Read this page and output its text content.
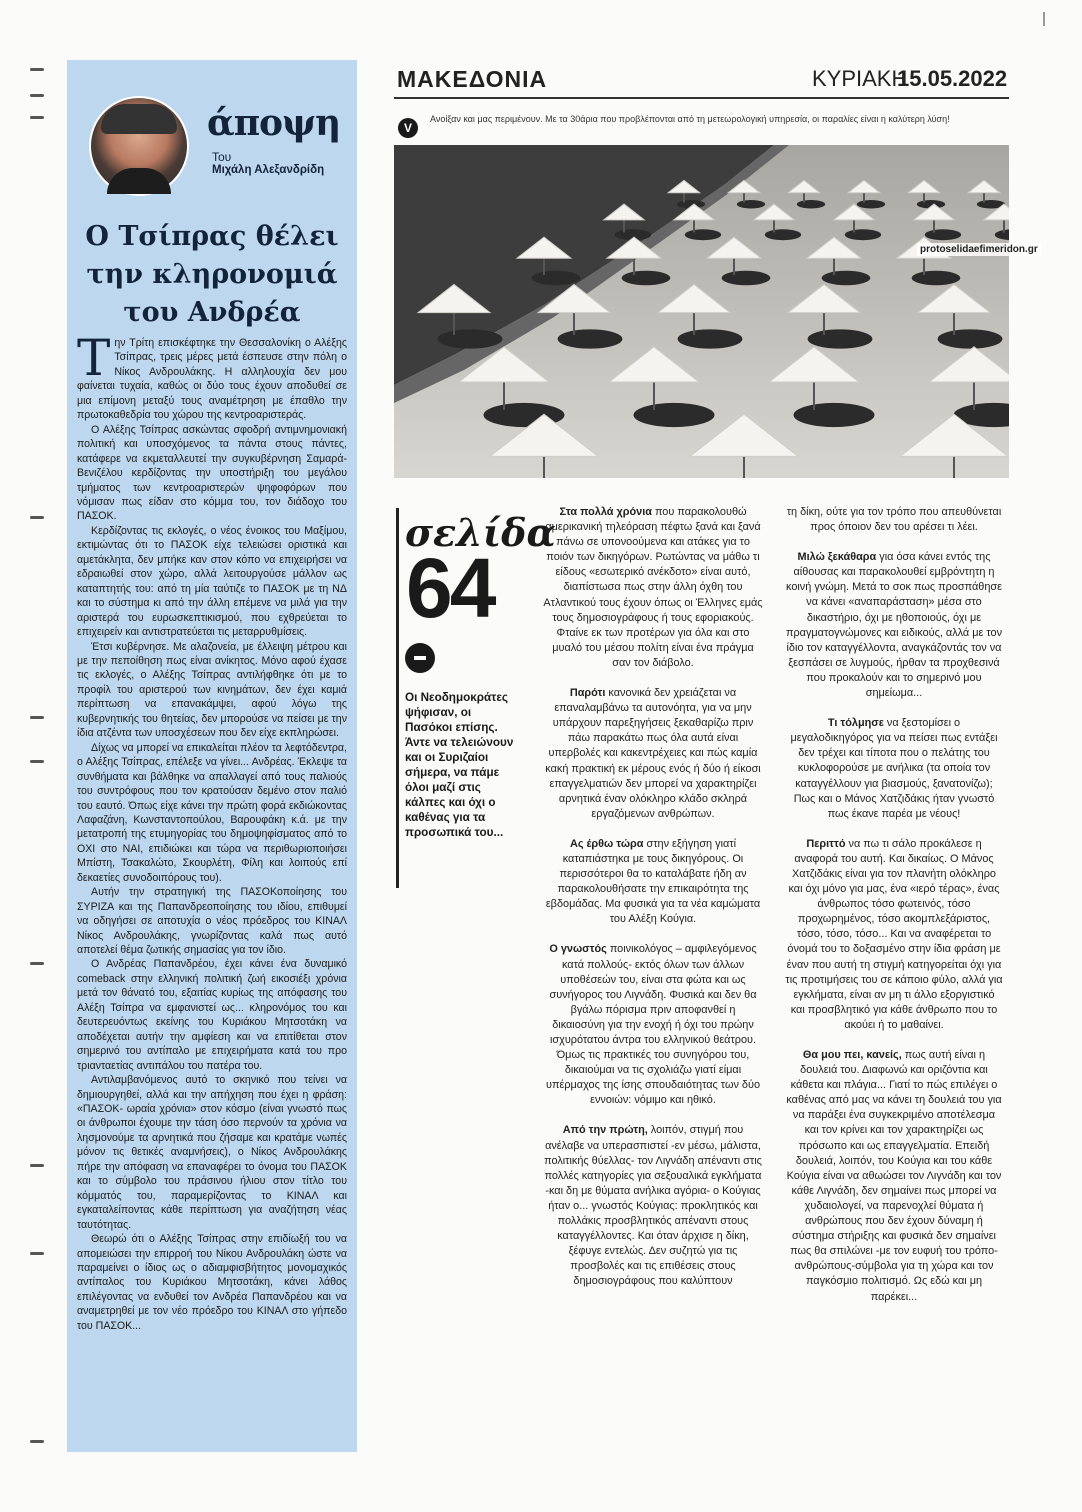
άποψη
Του
Μιχάλη Αλεξανδρίδη
Ο Τσίπρας θέλει την κληρονομιά του Ανδρέα

Την Τρίτη επισκέφτηκε την Θεσσαλονίκη ο Αλέξης Τσίπρας, τρεις μέρες μετά έσπευσε στην πόλη ο Νίκος Ανδρουλάκης. Η αλληλουχία δεν μου φαίνεται τυχαία, καθώς οι δύο τους έχουν αποδυθεί σε μια επίμονη μεταξύ τους αναμέτρηση με έπαθλο την πρωτοκαθεδρία του χώρου της κεντροαριστεράς.

Ο Αλέξης Τσίπρας ασκώντας σφοδρή αντιμνημονιακή πολιτική και υποσχόμενος τα πάντα στους πάντες, κατάφερε να εκμεταλλευτεί την συγκυβέρνηση Σαμαρά- Βενιζέλου κερδίζοντας την υποστήριξη του μεγάλου τμήματος των κεντροαριστερών ψηφοφόρων που νόμισαν πως είδαν στο κόμμα του, τον διάδοχο του ΠΑΣΟΚ.

Κερδίζοντας τις εκλογές, ο νέος ένοικος του Μαξίμου, εκτιμώντας ότι το ΠΑΣΟΚ είχε τελειώσει οριστικά και αμετάκλητα, δεν μπήκε καν στον κόπο να επιχειρήσει να εδραιωθεί στον χώρο, αλλά λειτουργούσε μάλλον ως καταπτητής του: από τη μία ταύτιζε το ΠΑΣΟΚ με τη ΝΔ και το σύστημα κι από την άλλη επέμενε να μιλά για την αριστερά του ευρωσκεπτικισμού, που εχθρεύεται το επιχειρείν και αντιστρατεύεται τις μεταρρυθμίσεις.

Έτσι κυβέρνησε. Με αλαζονεία, με έλλειψη μέτρου και με την πεποίθηση πως είναι ανίκητος. Μόνο αφού έχασε τις εκλογές, ο Αλέξης Τσίπρας αντιλήφθηκε ότι με το προφίλ του αριστερού των κινημάτων, δεν έχει καμιά περίπτωση να επανακάμψει, αφού λόγω της κυβερνητικής του θητείας, δεν μπορούσε να πείσει με την ίδια ατζέντα των υποσχέσεων που δεν είχε εκπληρώσει.

Δίχως να μπορεί να επικαλείται πλέον τα λεφτόδεντρα, ο Αλέξης Τσίπρας, επέλεξε να γίνει... Ανδρέας. Έκλεψε τα συνθήματα και βάλθηκε να απαλλαγεί από τους παλιούς του συντρόφους που τον κρατούσαν δεμένο στον παλιό του εαυτό. Όπως είχε κάνει την πρώτη φορά εκδιώκοντας Λαφαζάνη, Κωνσταντοπούλου, Βαρουφάκη κ.ά. με την μετατροπή της ετυμηγορίας του δημοψηφίσματος από το ΟΧΙ στο ΝΑΙ, επιδιώκει και τώρα να περιθωριοποιήσει Μπίστη, Τσακαλώτο, Σκουρλέτη, Φίλη και λοιπούς επί δεκαετίες συνοδοιπόρους του).

Αυτήν την στρατηγική της ΠΑΣΟΚοποίησης του ΣΥΡΙΖΑ και της Παπανδρεοποίησης του ιδίου, επιθυμεί να οδηγήσει σε αποτυχία ο νέος πρόεδρος του ΚΙΝΑΛ Νίκος Ανδρουλάκης, γνωρίζοντας καλά πως αυτό αποτελεί θέμα ζωτικής σημασίας για τον ίδιο.

Ο Ανδρέας Παπανδρέου, έχει κάνει ένα δυναμικό comeback στην ελληνική πολιτική ζωή εικοσιέξι χρόνια μετά τον θάνατό του, εξαιτίας κυρίως της απόφασης του Αλέξη Τσίπρα να εμφανιστεί ως... κληρονόμος του και δευτερευόντως εκείνης του Κυριάκου Μητσοτάκη να αποδέχεται αυτήν την αμφίεση και να επιτίθεται στον σημερινό του αντίπαλο με επιχειρήματα κατά του προ τριανταετίας αντιπάλου του πατέρα του.

Αντιλαμβανόμενος αυτό το σκηνικό που τείνει να δημιουργηθεί, αλλά και την απήχηση που έχει η φράση: «ΠΑΣΟΚ- ωραία χρόνια» στον κόσμο (είναι γνωστό πως οι άνθρωποι έχουμε την τάση όσο περνούν τα χρόνια να λησμονούμε τα αρνητικά που ζήσαμε και κρατάμε νωπές μόνον τις θετικές αναμνήσεις), ο Νίκος Ανδρουλάκης πήρε την απόφαση να επαναφέρει το όνομα του ΠΑΣΟΚ και το σύμβολο του πράσινου ήλιου στον τίτλο του κόμματός του, παραμερίζοντας το ΚΙΝΑΛ και εγκαταλείποντας κάθε περίπτωση για αναζήτηση νέας ταυτότητας.

Θεωρώ ότι ο Αλέξης Τσίπρας στην επιδίωξή του να απομειώσει την επιρροή του Νίκου Ανδρουλάκη ώστε να παραμείνει ο ίδιος ως ο αδιαμφισβήτητος μονομαχικός αντίπαλος του Κυριάκου Μητσοτάκη, κάνει λάθος επιλέγοντας να ενδυθεί τον Ανδρέα Παπανδρέου και να αναμετρηθεί με τον νέο πρόεδρο του ΚΙΝΑΛ στο γήπεδο του ΠΑΣΟΚ...

ΜΑΚΕΔΟΝΙΑ	ΚΥΡΙΑΚΗ
15.05.2022
V
Ανοίξαν και μας περιμένουν. Με τα 30άρια που προβλέπονται από τη μετεωρολογική υπηρεσία, οι παραλίες είναι η καλύτερη λύση!
protoselidaefimeridon.gr
σελίδα
64
Οι Νεοδημοκράτες ψήφισαν, οι Πασόκοι επίσης. Άντε να τελειώνουν και οι Συριζαίοι σήμερα, να πάμε όλοι μαζί στις κάλπες και όχι ο καθένας για τα προσωπικά του...

Στα πολλά χρόνια που παρακολουθώ αμερικανική τηλεόραση πέφτω ξανά και ξανά πάνω σε υπονοούμενα και ατάκες για το ποιόν των δικηγόρων. Ρωτώντας να μάθω τι είδους «εσωτερικό ανέκδοτο» είναι αυτό, διαπίστωσα πως στην άλλη όχθη του Ατλαντικού τους έχουν όπως οι Έλληνες εμάς τους δημοσιογράφους ή τους εφοριακούς. Φταίνε εκ των προτέρων για όλα και στο μυαλό του μέσου πολίτη είναι ένα πράγμα σαν τον διάβολο.

Παρότι κανονικά δεν χρειάζεται να επαναλαμβάνω τα αυτονόητα, για να μην υπάρχουν παρεξηγήσεις ξεκαθαρίζω πριν πάω παρακάτω πως όλα αυτά είναι υπερβολές και κακεντρέχειες και πώς καμία κακή πρακτική εκ μέρους ενός ή δύο ή είκοσι επαγγελματιών δεν μπορεί να χαρακτηρίζει αρνητικά έναν ολόκληρο κλάδο σκληρά εργαζόμενων ανθρώπων.

Ας έρθω τώρα στην εξήγηση γιατί καταπιάστηκα με τους δικηγόρους. Οι περισσότεροι θα το καταλάβατε ήδη αν παρακολουθήσατε την επικαιρότητα της εβδομάδας. Μα φυσικά για τα νέα καμώματα του Αλέξη Κούγια.

Ο γνωστός ποινικολόγος – αμφιλεγόμενος κατά πολλούς- εκτός όλων των άλλων υποθέσεών του, είναι στα φώτα και ως συνήγορος του Λιγνάδη. Φυσικά και δεν θα βγάλω πόρισμα πριν αποφανθεί η δικαιοσύνη για την ενοχή ή όχι του πρώην ισχυρότατου άντρα του ελληνικού θεάτρου. Όμως τις πρακτικές του συνηγόρου του, δικαιούμαι να τις σχολιάζω γιατί είμαι υπέρμαχος της ίσης σπουδαιότητας των δύο εννοιών: νόμιμο και ηθικό.

Από την πρώτη, λοιπόν, στιγμή που ανέλαβε να υπερασπιστεί -εν μέσω, μάλιστα, πολιτικής θύελλας- τον Λιγνάδη απέναντι στις πολλές κατηγορίες για σεξουαλικά εγκλήματα -και δη με θύματα ανήλικα αγόρια- ο Κούγιας ήταν ο... γνωστός Κούγιας: προκλητικός και πολλάκις προσβλητικός απέναντι στους καταγγέλλοντες. Και όταν άρχισε η δίκη, ξέφυγε εντελώς. Δεν συζητώ για τις προσβολές και τις επιθέσεις στους δημοσιογράφους που καλύπτουν

τη δίκη, ούτε για τον τρόπο που απευθύνεται προς όποιον δεν του αρέσει τι λέει.

Μιλώ ξεκάθαρα για όσα κάνει εντός της αίθουσας και παρακολουθεί εμβρόντητη η κοινή γνώμη. Μετά το σοκ πως προσπάθησε να κάνει «αναπαράσταση» μέσα στο δικαστήριο, όχι με ηθοποιούς, όχι με πραγματογνώμονες και ειδικούς, αλλά με τον ίδιο τον καταγγέλλοντα, αναγκάζοντάς τον να ξεσπάσει σε λυγμούς, ήρθαν τα προχθεσινά που προκαλούν και το σημερινό μου σημείωμα...

Τι τόλμησε να ξεστομίσει ο μεγαλοδικηγόρος για να πείσει πως εντάξει δεν τρέχει και τίποτα που ο πελάτης του κυκλοφορούσε με ανήλικα (τα οποία τον καταγγέλλουν για βιασμούς, ξανατονίζω); Πως και ο Μάνος Χατζιδάκις ήταν γνωστό πως έκανε παρέα με νέους!

Περιττό να πω τι σάλο προκάλεσε η αναφορά του αυτή. Και δικαίως. Ο Μάνος Χατζιδάκις είναι για τον πλανήτη ολόκληρο και όχι μόνο για μας, ένα «ιερό τέρας», ένας άνθρωπος τόσο φωτεινός, τόσο προχωρημένος, τόσο ακομπλεξάριστος, τόσο, τόσο, τόσο... Και να αναφέρεται το όνομά του το δοξασμένο στην ίδια φράση με έναν που αυτή τη στιγμή κατηγορείται όχι για τις προτιμήσεις του σε κάποιο φύλο, αλλά για εγκλήματα, είναι αν μη τι άλλο εξοργιστικό και προσβλητικό για κάθε άνθρωπο που το ακούει ή το μαθαίνει.

Θα μου πει, κανείς, πως αυτή είναι η δουλειά του. Διαφωνώ και οριζόντια και κάθετα και πλάγια... Γιατί το πώς επιλέγει ο καθένας από μας να κάνει τη δουλειά του για να παράξει ένα συγκεκριμένο αποτέλεσμα και τον κρίνει και τον χαρακτηρίζει ως πρόσωπο και ως επαγγελματία. Επειδή δουλειά, λοιπόν, του Κούγια και του κάθε Κούγια είναι να αθωώσει τον Λιγνάδη και τον κάθε Λιγνάδη, δεν σημαίνει πως μπορεί να χυδαιολογεί, να παρενοχλεί θύματα ή ανθρώπους που δεν έχουν δύναμη ή σύστημα στήριξης και φυσικά δεν σημαίνει πως θα σπιλώνει -με τον ευφυή του τρόπο- ανθρώπους-σύμβολα για τη χώρα και τον παγκόσμιο πολιτισμό. Ως εδώ και μη παρέκει...
